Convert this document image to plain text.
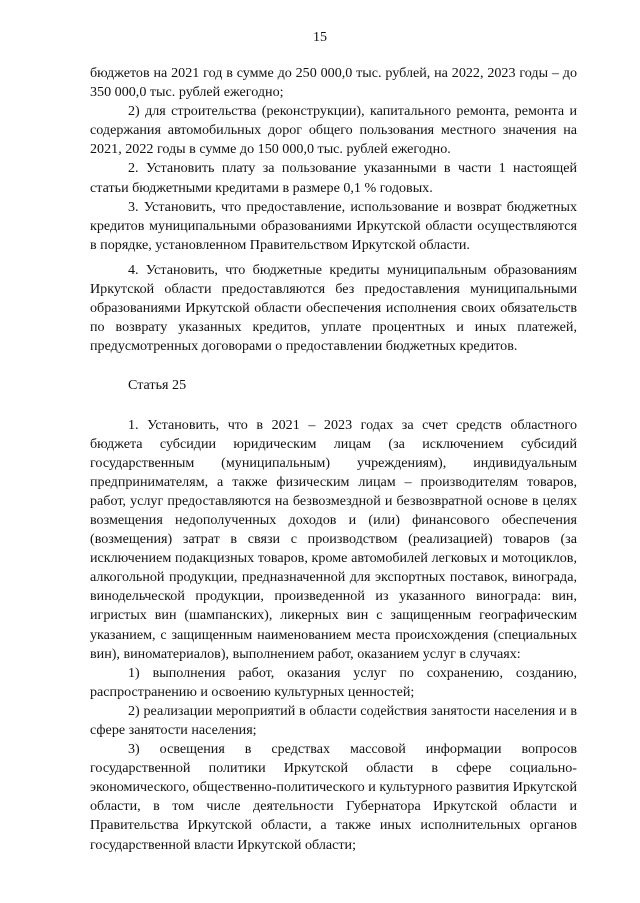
15

бюджетов на 2021 год в сумме до 250 000,0 тыс. рублей, на 2022, 2023 годы – до 350 000,0 тыс. рублей ежегодно;

2) для строительства (реконструкции), капитального ремонта, ремонта и содержания автомобильных дорог общего пользования местного значения на 2021, 2022 годы в сумме до 150 000,0 тыс. рублей ежегодно.

2. Установить плату за пользование указанными в части 1 настоящей статьи бюджетными кредитами в размере 0,1 % годовых.

3. Установить, что предоставление, использование и возврат бюджетных кредитов муниципальными образованиями Иркутской области осуществляются в порядке, установленном Правительством Иркутской области.

4. Установить, что бюджетные кредиты муниципальным образованиям Иркутской области предоставляются без предоставления муниципальными образованиями Иркутской области обеспечения исполнения своих обязательств по возврату указанных кредитов, уплате процентных и иных платежей, предусмотренных договорами о предоставлении бюджетных кредитов.

Статья 25

1. Установить, что в 2021 – 2023 годах за счет средств областного бюджета субсидии юридическим лицам (за исключением субсидий государственным (муниципальным) учреждениям), индивидуальным предпринимателям, а также физическим лицам – производителям товаров, работ, услуг предоставляются на безвозмездной и безвозвратной основе в целях возмещения недополученных доходов и (или) финансового обеспечения (возмещения) затрат в связи с производством (реализацией) товаров (за исключением подакцизных товаров, кроме автомобилей легковых и мотоциклов, алкогольной продукции, предназначенной для экспортных поставок, винограда, винодельческой продукции, произведенной из указанного винограда: вин, игристых вин (шампанских), ликерных вин с защищенным географическим указанием, с защищенным наименованием места происхождения (специальных вин), виноматериалов), выполнением работ, оказанием услуг в случаях:

1) выполнения работ, оказания услуг по сохранению, созданию, распространению и освоению культурных ценностей;

2) реализации мероприятий в области содействия занятости населения и в сфере занятости населения;

3) освещения в средствах массовой информации вопросов государственной политики Иркутской области в сфере социально-экономического, общественно-политического и культурного развития Иркутской области, в том числе деятельности Губернатора Иркутской области и Правительства Иркутской области, а также иных исполнительных органов государственной власти Иркутской области;
